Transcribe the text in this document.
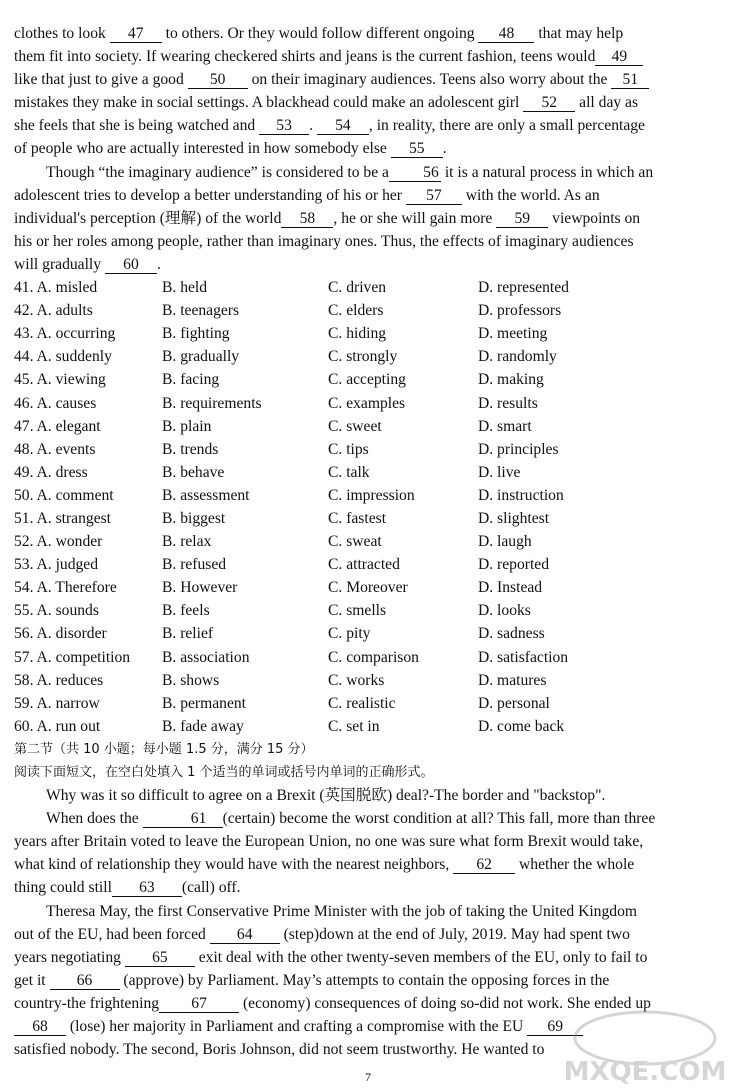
clothes to look 47 to others. Or they would follow different ongoing 48 that may help

them fit into society. If wearing checkered shirts and jeans is the current fashion, teens would 49

like that just to give a good 50 on their imaginary audiences. Teens also worry about the 51

mistakes they make in social settings. A blackhead could make an adolescent girl 52 all day as

she feels that she is being watched and 53 . 54 , in reality, there are only a small percentage

of people who are actually interested in how somebody else 55 .

Though “the imaginary audience” is considered to be a 56 it is a natural process in which an

adolescent tries to develop a better understanding of his or her 57 with the world. As an

individual's perception (理解) of the world 58 , he or she will gain more 59 viewpoints on

his or her roles among people, rather than imaginary ones. Thus, the effects of imaginary audiences

will gradually 60 .

41. A. misled	B. held	C. driven	D. represented
42. A. adults	B. teenagers	C. elders	D. professors
43. A. occurring	B. fighting	C. hiding	D. meeting
44. A. suddenly	B. gradually	C. strongly	D. randomly
45. A. viewing	B. facing	C. accepting	D. making
46. A. causes	B. requirements	C. examples	D. results
47. A. elegant	B. plain	C. sweet	D. smart
48. A. events	B. trends	C. tips	D. principles
49. A. dress	B. behave	C. talk	D. live
50. A. comment	B. assessment	C. impression	D. instruction
51. A. strangest	B. biggest	C. fastest	D. slightest
52. A. wonder	B. relax	C. sweat	D. laugh
53. A. judged	B. refused	C. attracted	D. reported
54. A. Therefore	B. However	C. Moreover	D. Instead
55. A. sounds	B. feels	C. smells	D. looks
56. A. disorder	B. relief	C. pity	D. sadness
57. A. competition	B. association	C. comparison	D. satisfaction
58. A. reduces	B. shows	C. works	D. matures
59. A. narrow	B. permanent	C. realistic	D. personal
60. A. run out	B. fade away	C. set in	D. come back

第二节（共 10 小题；每小题 1.5 分，满分 15 分）

阅读下面短文，在空白处填入 1 个适当的单词或括号内单词的正确形式。

Why was it so difficult to agree on a Brexit (英国脱欧) deal?-The border and "backstop".

When does the	61 (certain) become the worst condition at all? This fall, more than three

years after Britain voted to leave the European Union, no one was sure what form Brexit would take,

what kind of relationship they would have with the nearest neighbors, 62 whether the whole

thing could still 63 (call) off.

Theresa May, the first Conservative Prime Minister with the job of taking the United Kingdom

out of the EU, had been forced 64 (step)down at the end of July, 2019. May had spent two

years negotiating 65 exit deal with the other twenty-seven members of the EU, only to fail to

get it 66 (approve) by Parliament. May’s attempts to contain the opposing forces in the

country-the frightening 67 (economy) consequences of doing so-did not work. She ended up

68 (lose) her majority in Parliament and crafting a compromise with the EU 69

satisfied nobody. The second, Boris Johnson, did not seem trustworthy. He wanted to

7	MXQE.COM
